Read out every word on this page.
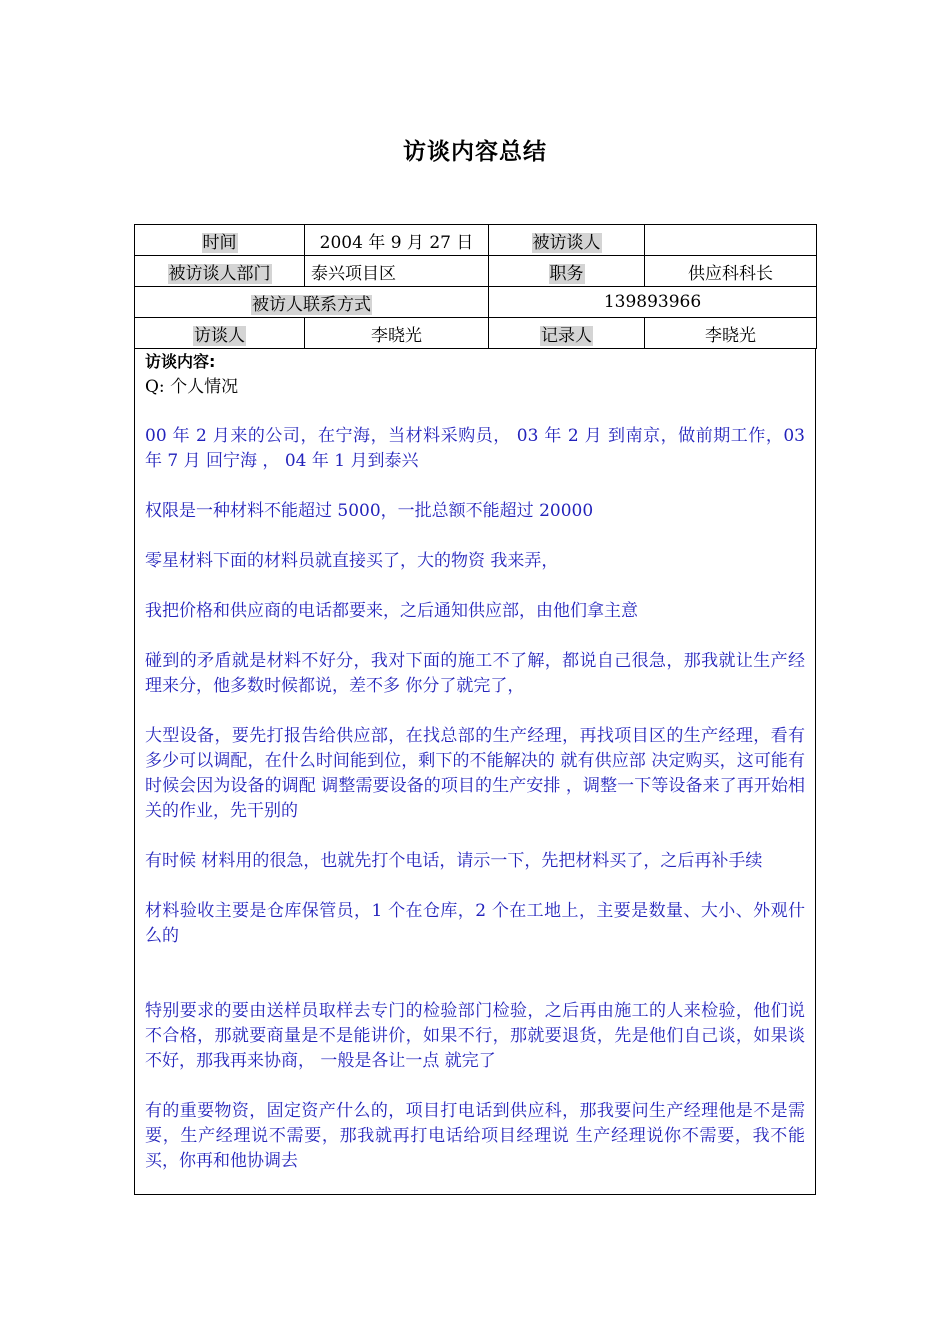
访谈内容总结
时间	2004 年 9 月 27 日	被访谈人	
被访谈人部门	泰兴项目区	职务	供应科科长
被访人联系方式		139893966	
访谈人	李晓光	记录人	李晓光
访谈内容:
Q: 个人情况

00 年 2 月来的公司，在宁海，当材料采购员， 03 年 2 月 到南京，做前期工作，03 年 7 月 回宁海 ， 04 年 1 月到泰兴

权限是一种材料不能超过 5000，一批总额不能超过 20000

零星材料下面的材料员就直接买了，大的物资 我来弄，

我把价格和供应商的电话都要来，之后通知供应部，由他们拿主意

碰到的矛盾就是材料不好分，我对下面的施工不了解，都说自己很急，那我就让生产经理来分，他多数时候都说，差不多 你分了就完了，

大型设备，要先打报告给供应部，在找总部的生产经理，再找项目区的生产经理，看有多少可以调配，在什么时间能到位，剩下的不能解决的 就有供应部 决定购买，这可能有时候会因为设备的调配 调整需要设备的项目的生产安排 ，调整一下等设备来了再开始相关的作业，先干别的

有时候 材料用的很急，也就先打个电话，请示一下，先把材料买了，之后再补手续

材料验收主要是仓库保管员，1 个在仓库，2 个在工地上，主要是数量、大小、外观什么的

特别要求的要由送样员取样去专门的检验部门检验，之后再由施工的人来检验，他们说不合格，那就要商量是不是能讲价，如果不行，那就要退货，先是他们自己谈，如果谈不好，那我再来协商， 一般是各让一点 就完了

有的重要物资，固定资产什么的，项目打电话到供应科，那我要问生产经理他是不是需要，生产经理说不需要，那我就再打电话给项目经理说 生产经理说你不需要，我不能买，你再和他协调去
